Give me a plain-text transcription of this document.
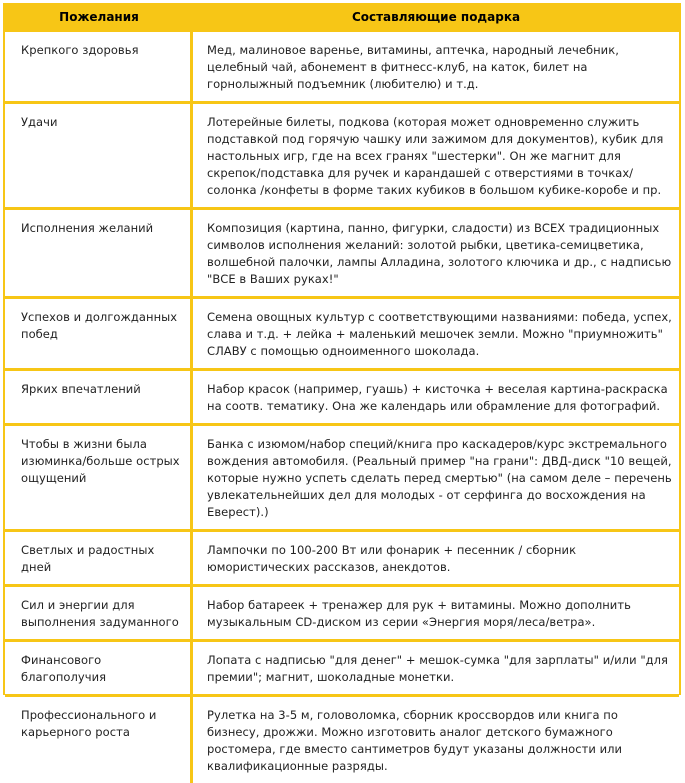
Пожелания	Составляющие подарка
Крепкого здоровья	Мед, малиновое варенье, витамины, аптечка, народный лечебник, целебный чай, абонемент в фитнесс-клуб, на каток, билет на горнолыжный подъемник (любителю) и т.д.
Удачи	Лотерейные билеты, подкова (которая может одновременно служить подставкой под горячую чашку или зажимом для документов), кубик для настольных игр, где на всех гранях "шестерки". Он же магнит для скрепок/подставка для ручек и карандашей с отверстиями в точках/солонка /конфеты в форме таких кубиков в большом кубике-коробе и пр.
Исполнения желаний	Композиция (картина, панно, фигурки, сладости) из ВСЕХ традиционных символов исполнения желаний: золотой рыбки, цветика-семицветика, волшебной палочки, лампы Алладина, золотого ключика и др., с надписью "ВСЕ в Ваших руках!"
Успехов и долгожданных побед	Семена овощных культур с соответствующими названиями: победа, успех, слава и т.д. + лейка + маленький мешочек земли. Можно "приумножить" СЛАВУ с помощью одноименного шоколада.
Ярких впечатлений	Набор красок (например, гуашь) + кисточка + веселая картина-раскраска на соотв. тематику. Она же календарь или обрамление для фотографий.
Чтобы в жизни была изюминка/больше острых ощущений	Банка с изюмом/набор специй/книга про каскадеров/курс экстремального вождения автомобиля. (Реальный пример "на грани": ДВД-диск "10 вещей, которые нужно успеть сделать перед смертью" (на самом деле – перечень увлекательнейших дел для молодых - от серфинга до восхождения на Еверест).)
Светлых и радостных дней	Лампочки по 100-200 Вт или фонарик + песенник / сборник юмористических рассказов, анекдотов.
Сил и энергии для выполнения задуманного	Набор батареек + тренажер для рук + витамины. Можно дополнить музыкальным CD-диском из серии «Энергия моря/леса/ветра».
Финансового благополучия	Лопата с надписью "для денег" + мешок-сумка "для зарплаты" и/или "для премии"; магнит, шоколадные монетки.
Профессионального и карьерного роста	Рулетка на 3-5 м, головоломка, сборник кроссвордов или книга по бизнесу, дрожжи. Можно изготовить аналог детского бумажного ростомера, где вместо сантиметров будут указаны должности или квалификационные разряды.
